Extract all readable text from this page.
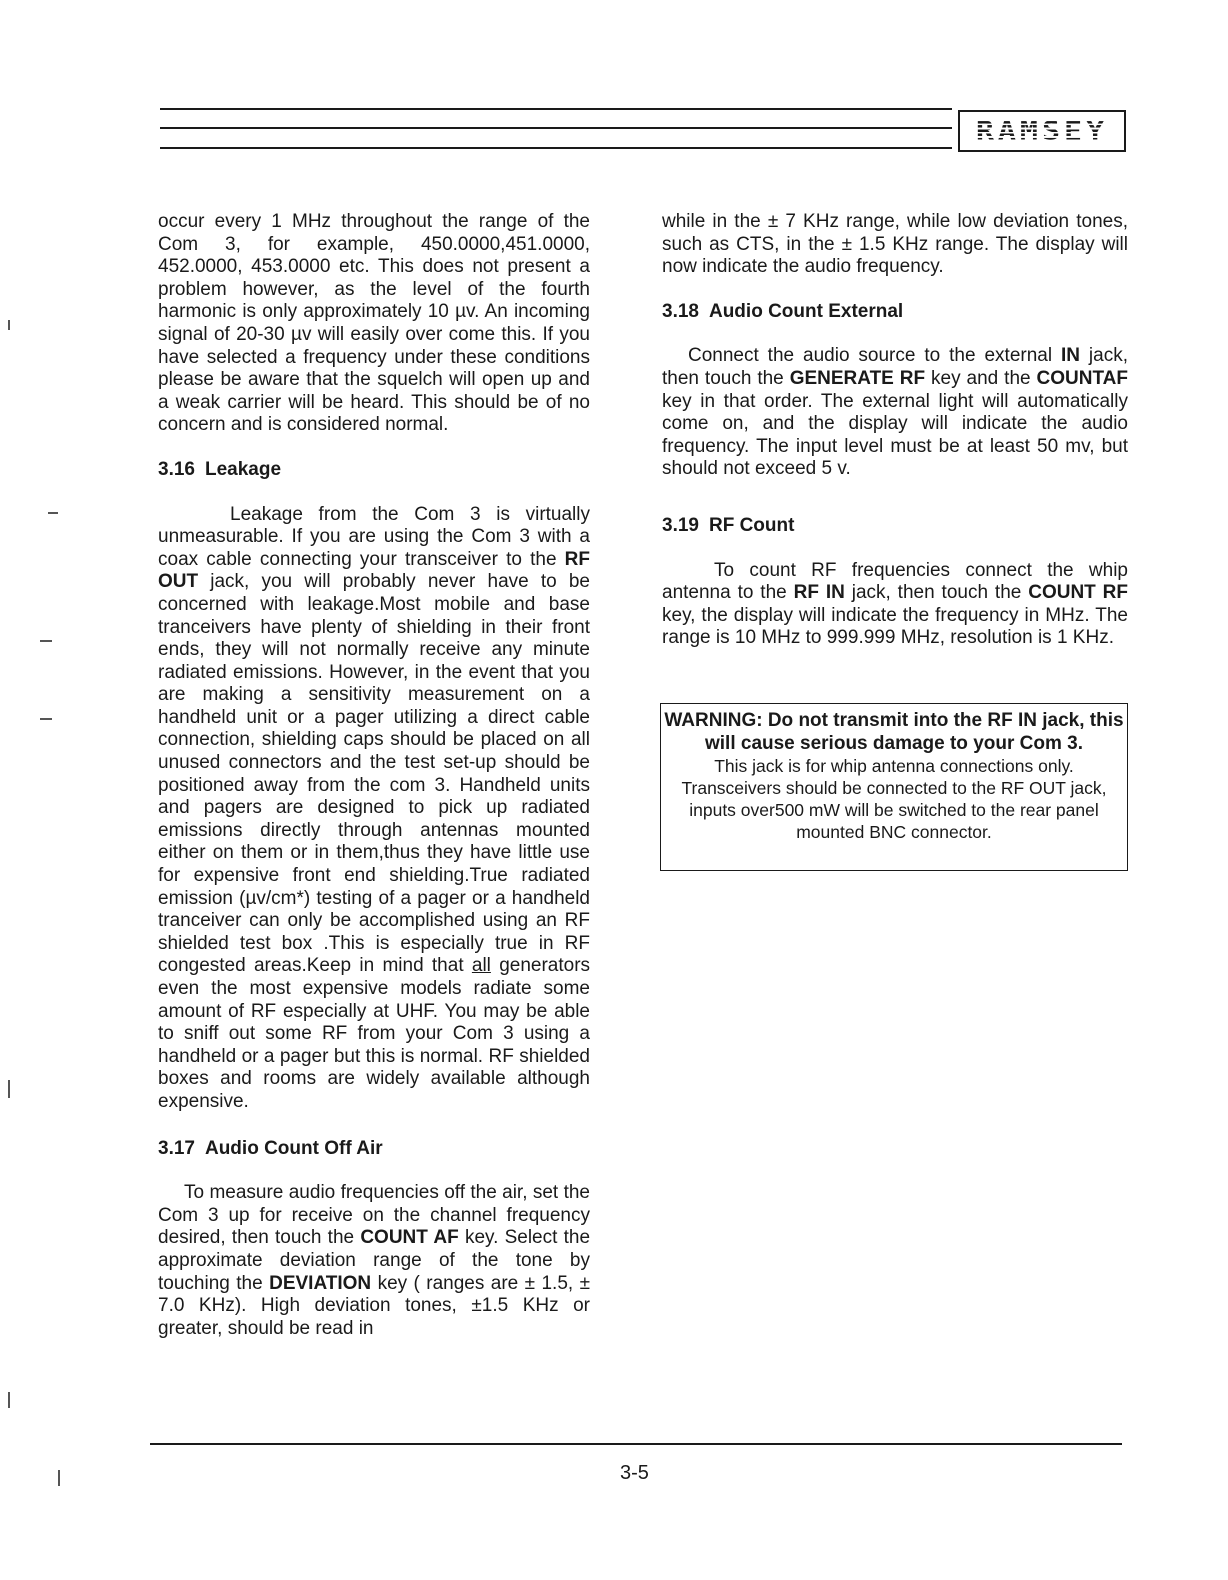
RAMSEY

occur every 1 MHz throughout the range of the Com 3, for example, 450.0000,451.0000, 452.0000, 453.0000 etc. This does not present a problem however, as the level of the fourth harmonic is only approximately 10 µv. An incoming signal of 20-30 µv will easily over come this. If you have selected a frequency under these conditions please be aware that the squelch will open up and a weak carrier will be heard. This should be of no concern and is considered normal.

3.16 Leakage

Leakage from the Com 3 is virtually unmeasurable. If you are using the Com 3 with a coax cable connecting your transceiver to the RF OUT jack, you will probably never have to be concerned with leakage.Most mobile and base tranceivers have plenty of shielding in their front ends, they will not normally receive any minute radiated emissions. However, in the event that you are making a sensitivity measurement on a handheld unit or a pager utilizing a direct cable connection, shielding caps should be placed on all unused connectors and the test set-up should be positioned away from the com 3. Handheld units and pagers are designed to pick up radiated emissions directly through antennas mounted either on them or in them,thus they have little use for expensive front end shielding.True radiated emission (µv/cm*) testing of a pager or a handheld tranceiver can only be accomplished using an RF shielded test box .This is especially true in RF congested areas.Keep in mind that all generators even the most expensive models radiate some amount of RF especially at UHF. You may be able to sniff out some RF from your Com 3 using a handheld or a pager but this is normal. RF shielded boxes and rooms are widely available although expensive.

3.17 Audio Count Off Air

To measure audio frequencies off the air, set the Com 3 up for receive on the channel frequency desired, then touch the COUNT AF key. Select the approximate deviation range of the tone by touching the DEVIATION key ( ranges are ± 1.5, ± 7.0 KHz). High deviation tones, ±1.5 KHz or greater, should be read in

while in the ± 7 KHz range, while low deviation tones, such as CTS, in the ± 1.5 KHz range. The display will now indicate the audio frequency.

3.18 Audio Count External

Connect the audio source to the external IN jack, then touch the GENERATE RF key and the COUNTAF key in that order. The external light will automatically come on, and the display will indicate the audio frequency. The input level must be at least 50 mv, but should not exceed 5 v.

3.19 RF Count

To count RF frequencies connect the whip antenna to the RF IN jack, then touch the COUNT RF key, the display will indicate the frequency in MHz. The range is 10 MHz to 999.999 MHz, resolution is 1 KHz.

WARNING: Do not transmit into the RF IN jack, this will cause serious damage to your Com 3.
This jack is for whip antenna connections only. Transceivers should be connected to the RF OUT jack, inputs over500 mW will be switched to the rear panel mounted BNC connector.
3-5
